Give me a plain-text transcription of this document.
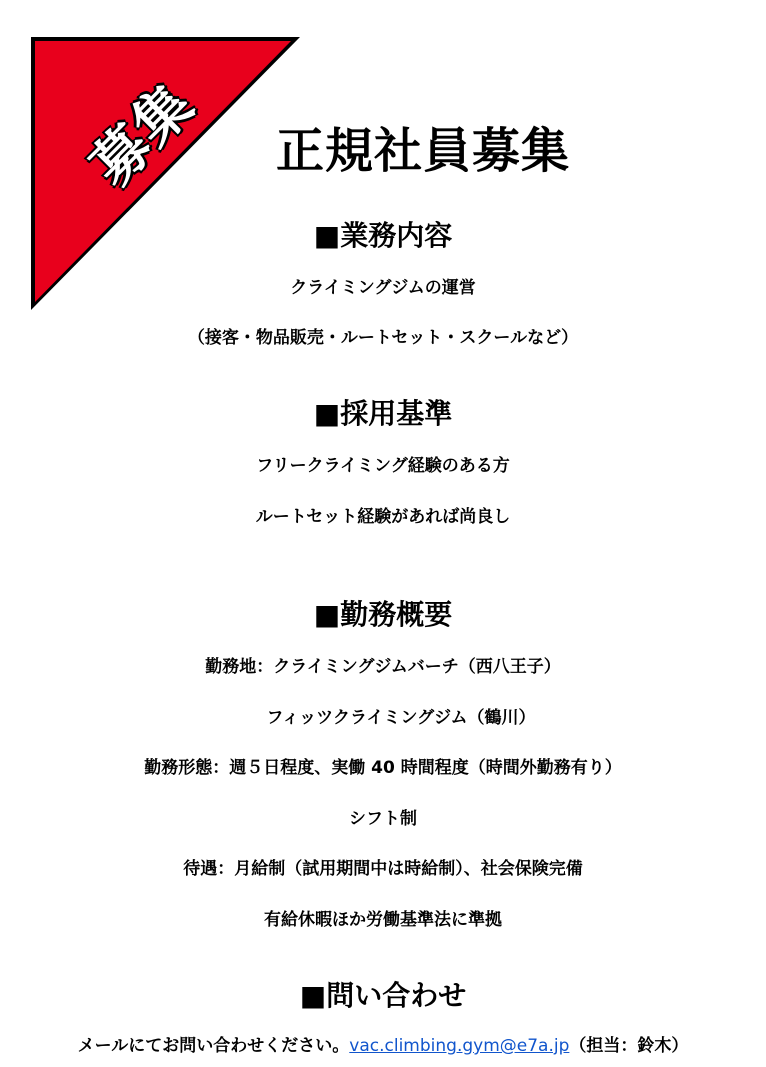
募集	正規社員募集
■業務内容
クライミングジムの運営
（接客・物品販売・ルートセット・スクールなど）
■採用基準
フリークライミング経験のある方
ルートセット経験があれば尚良し
■勤務概要
勤務地：クライミングジムバーチ（西八王子）
フィッツクライミングジム（鶴川）
勤務形態：週５日程度、実働 40 時間程度（時間外勤務有り）
シフト制
待遇：月給制（試用期間中は時給制）、社会保険完備
有給休暇ほか労働基準法に準拠
■問い合わせ
メールにてお問い合わせください。vac.climbing.gym@e7a.jp（担当：鈴木）
